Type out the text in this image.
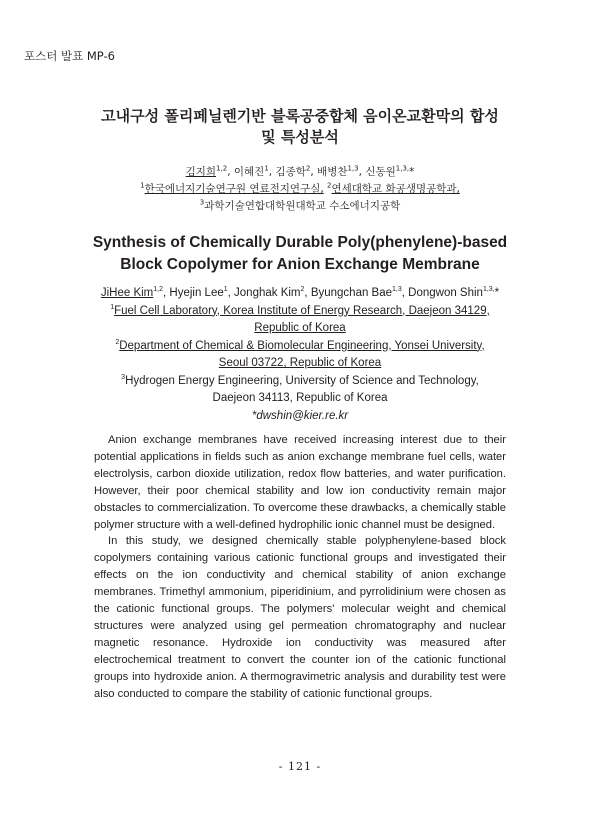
포스터 발표 MP-6
고내구성 폴리페닐렌기반 블록공중합체 음이온교환막의 합성
및 특성분석
김지희$^{1,2}$, 이혜진$^1$, 김종학$^2$, 배병찬$^{1,3}$, 신동원$^{1,3,}$*
$^1$한국에너지기술연구원 연료전지연구실, $^2$연세대학교 화공생명공학과,
$^3$과학기술연합대학원대학교 수소에너지공학
Synthesis of Chemically Durable Poly(phenylene)-based
Block Copolymer for Anion Exchange Membrane
JiHee Kim$^{1,2}$, Hyejin Lee$^1$, Jonghak Kim$^2$, Byungchan Bae$^{1,3}$, Dongwon Shin$^{1,3,}$*
$^1$Fuel Cell Laboratory, Korea Institute of Energy Research, Daejeon 34129,
Republic of Korea
$^2$Department of Chemical & Biomolecular Engineering, Yonsei University,
Seoul 03722, Republic of Korea
$^3$Hydrogen Energy Engineering, University of Science and Technology,
Daejeon 34113, Republic of Korea
*dwshin@kier.re.kr

Anion exchange membranes have received increasing interest due to their potential applications in fields such as anion exchange membrane fuel cells, water electrolysis, carbon dioxide utilization, redox flow batteries, and water purification. However, their poor chemical stability and low ion conductivity remain major obstacles to commercialization. To overcome these drawbacks, a chemically stable polymer structure with a well-defined hydrophilic ionic channel must be designed.

In this study, we designed chemically stable polyphenylene-based block copolymers containing various cationic functional groups and investigated their effects on the ion conductivity and chemical stability of anion exchange membranes. Trimethyl ammonium, piperidinium, and pyrrolidinium were chosen as the cationic functional groups. The polymers' molecular weight and chemical structures were analyzed using gel permeation chromatography and nuclear magnetic resonance. Hydroxide ion conductivity was measured after electrochemical treatment to convert the counter ion of the cationic functional groups into hydroxide anion. A thermogravimetric analysis and durability test were also conducted to compare the stability of cationic functional groups.

- 121 -
